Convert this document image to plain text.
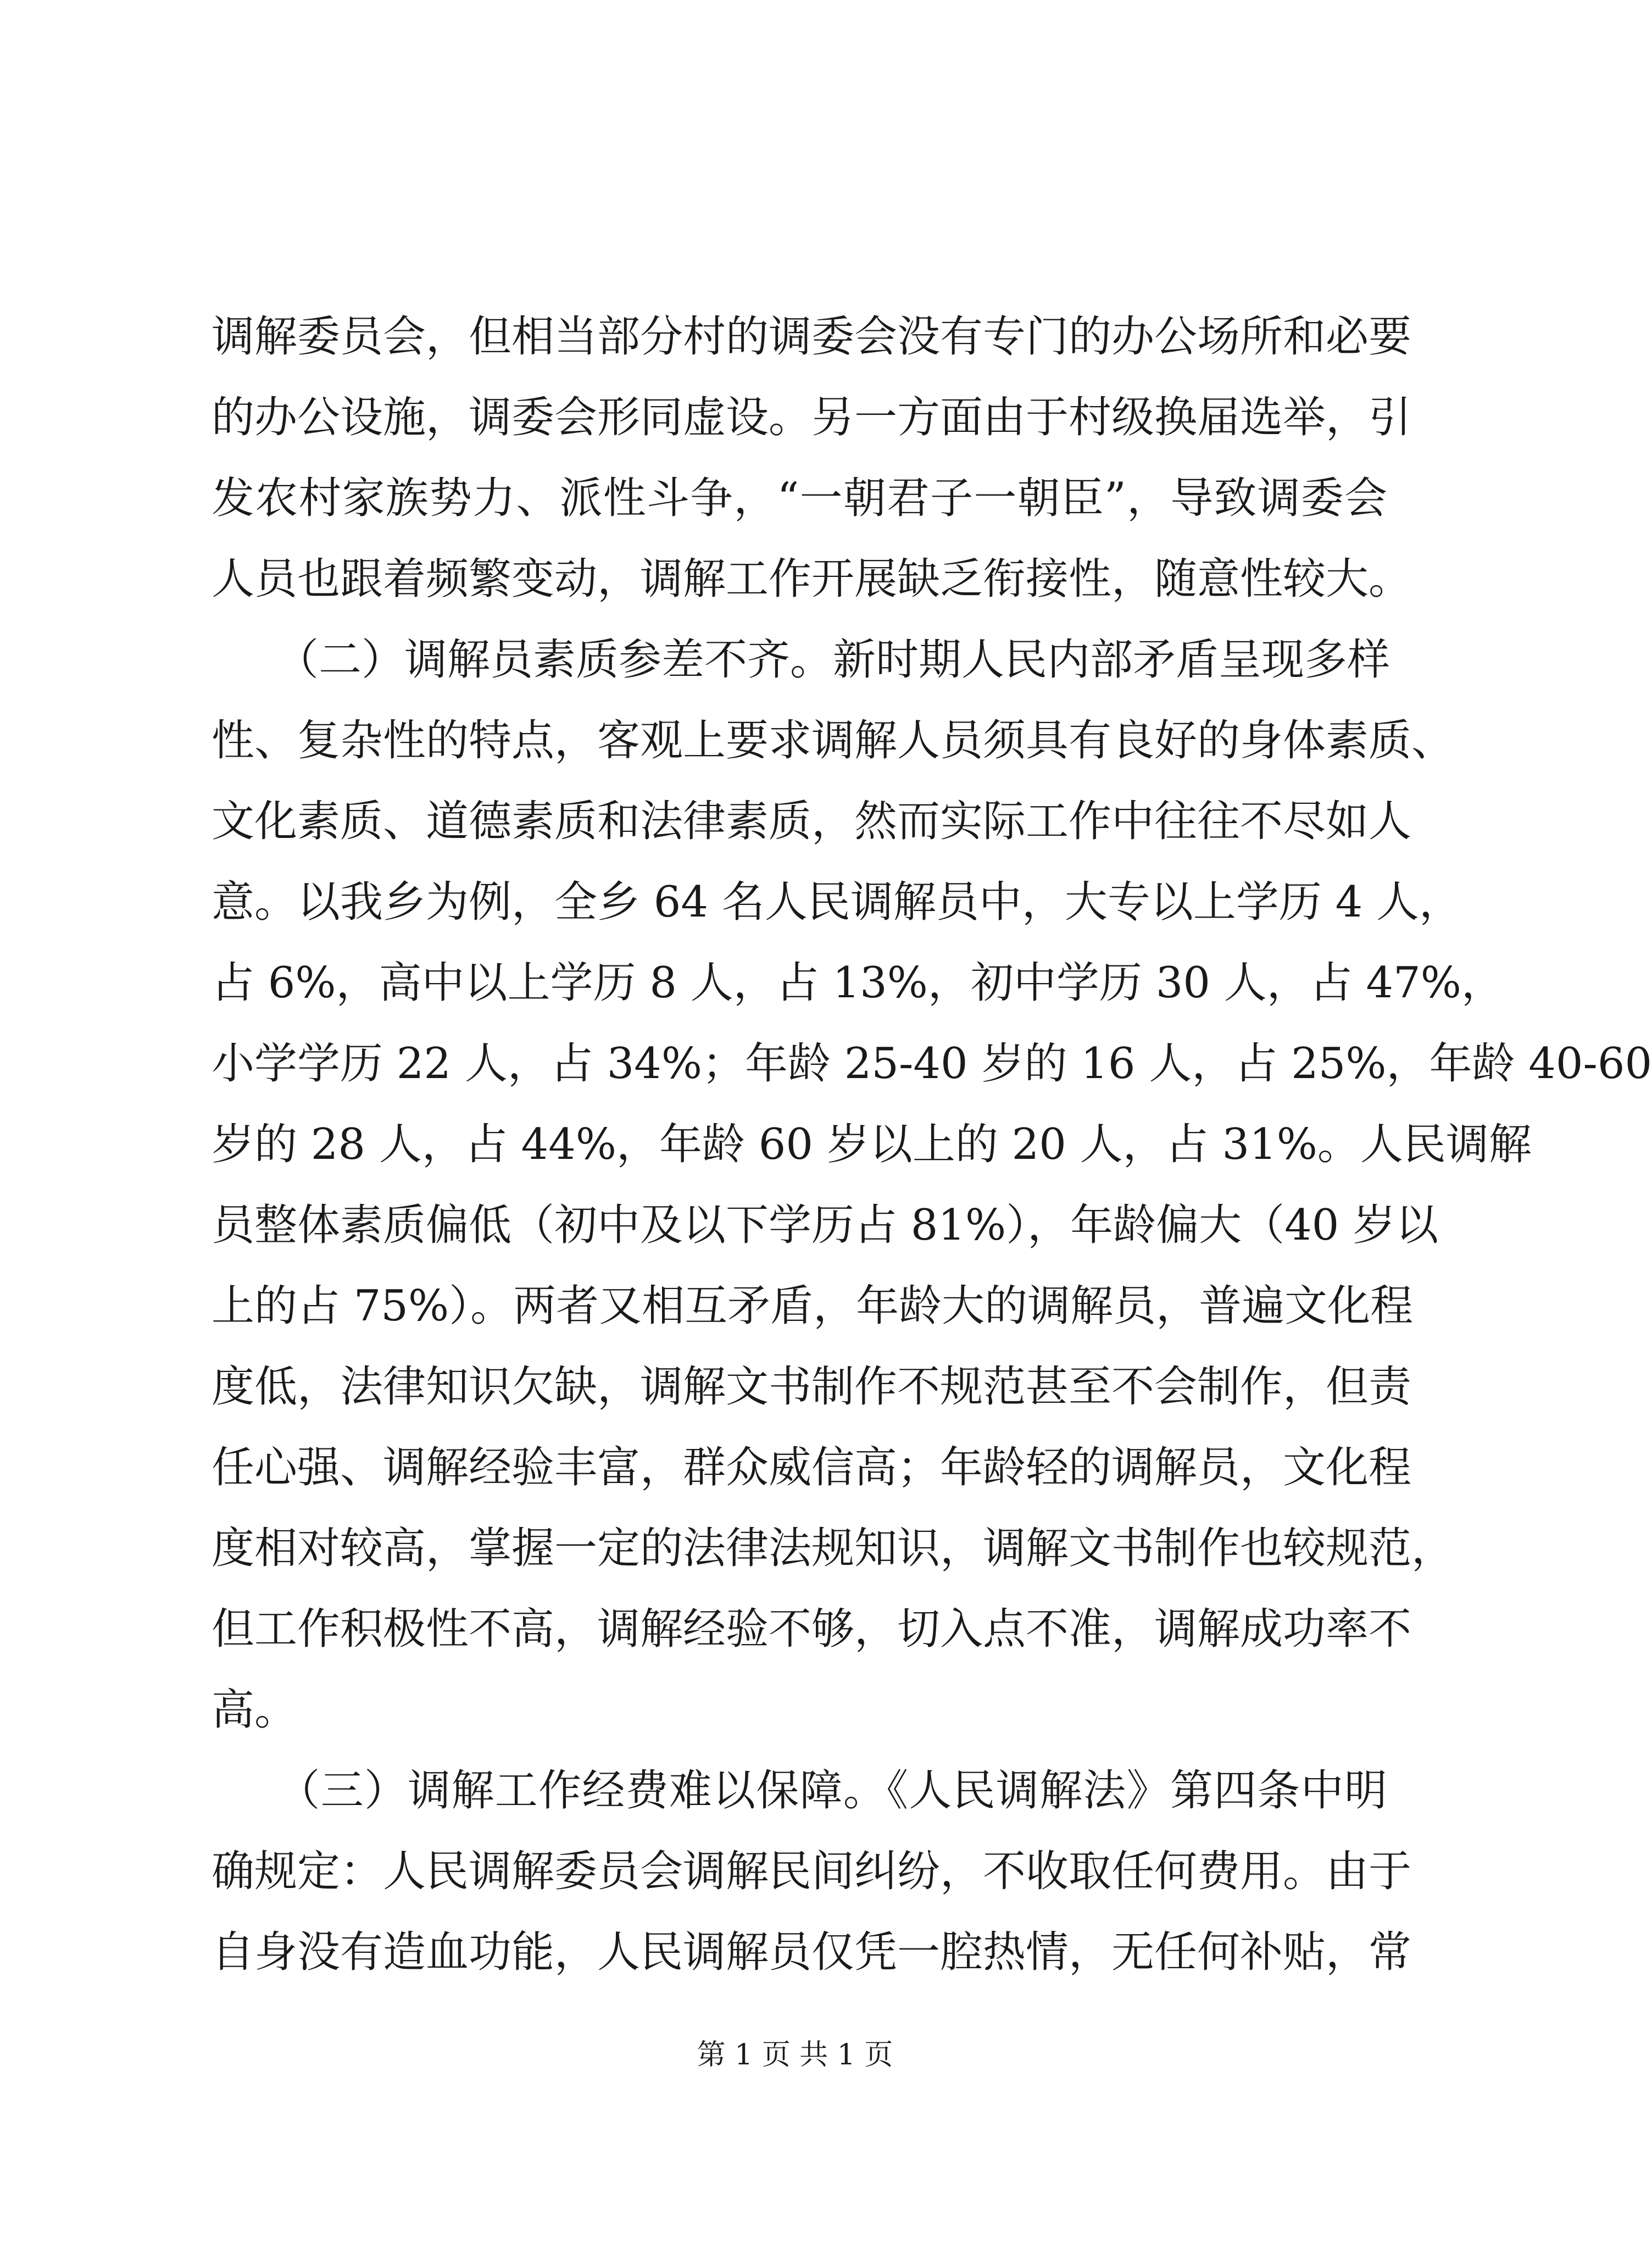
调解委员会，但相当部分村的调委会没有专门的办公场所和必要
的办公设施，调委会形同虚设。另一方面由于村级换届选举，引
发农村家族势力、派性斗争，“一朝君子一朝臣”，导致调委会
人员也跟着频繁变动，调解工作开展缺乏衔接性，随意性较大。
　　（二）调解员素质参差不齐。新时期人民内部矛盾呈现多样
性、复杂性的特点，客观上要求调解人员须具有良好的身体素质、
文化素质、道德素质和法律素质，然而实际工作中往往不尽如人
意。以我乡为例，全乡 64 名人民调解员中，大专以上学历 4 人，
占 6%，高中以上学历 8 人，占 13%，初中学历 30 人，占 47%，
小学学历 22 人，占 34%；年龄 25-40 岁的 16 人，占 25%，年龄 40-60
岁的 28 人，占 44%，年龄 60 岁以上的 20 人，占 31%。人民调解
员整体素质偏低（初中及以下学历占 81%），年龄偏大（40 岁以
上的占 75%）。两者又相互矛盾，年龄大的调解员，普遍文化程
度低，法律知识欠缺，调解文书制作不规范甚至不会制作，但责
任心强、调解经验丰富，群众威信高；年龄轻的调解员，文化程
度相对较高，掌握一定的法律法规知识，调解文书制作也较规范，
但工作积极性不高，调解经验不够，切入点不准，调解成功率不
高。
　　（三）调解工作经费难以保障。《人民调解法》第四条中明
确规定：人民调解委员会调解民间纠纷，不收取任何费用。由于
自身没有造血功能，人民调解员仅凭一腔热情，无任何补贴，常
第 1 页 共 1 页
